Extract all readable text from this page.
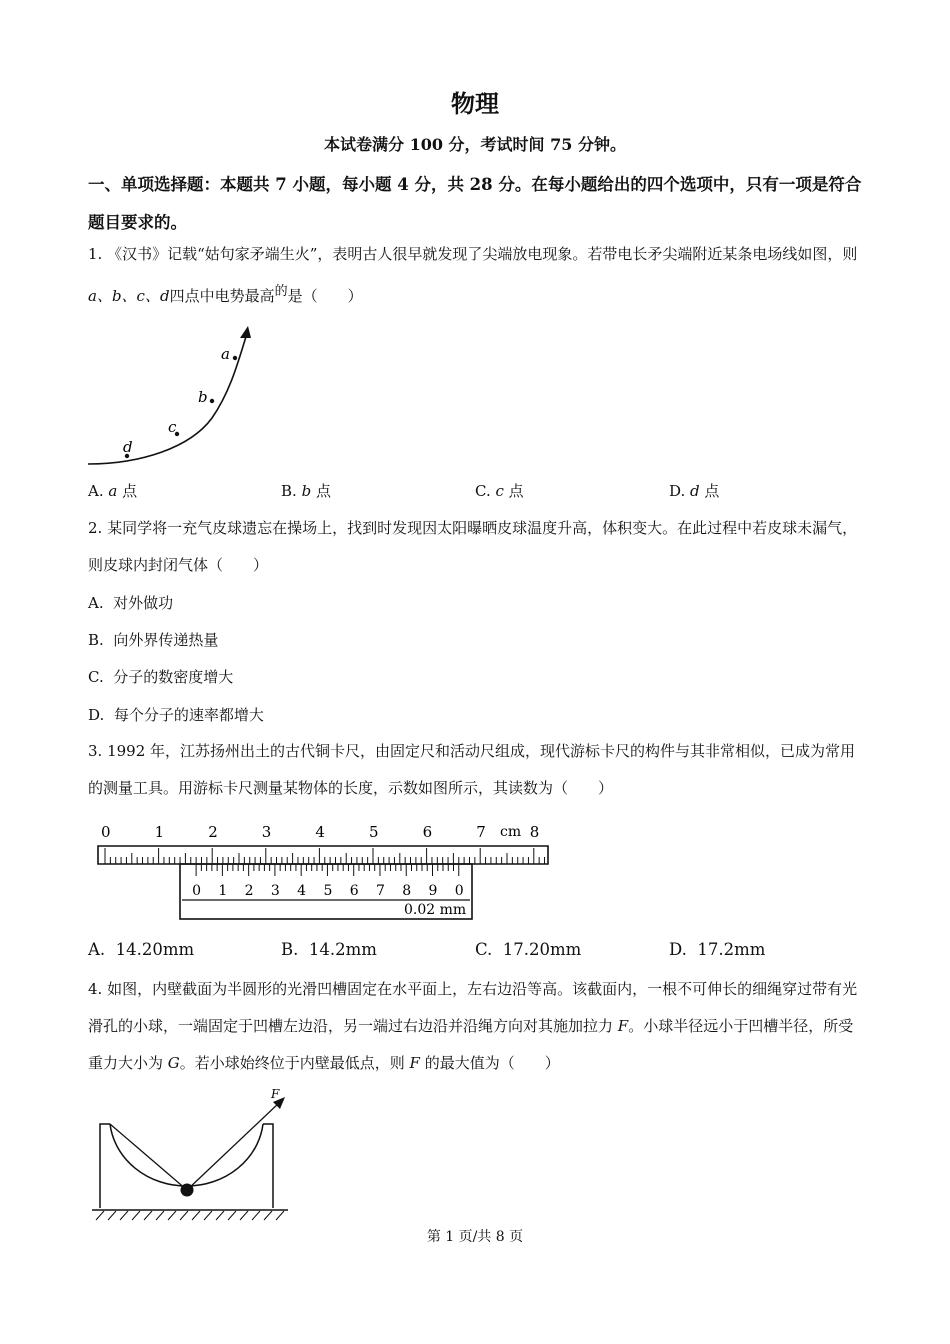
物理
本试卷满分 100 分，考试时间 75 分钟。
一、单项选择题：本题共 7 小题，每小题 4 分，共 28 分。在每小题给出的四个选项中，只有一项是符合题目要求的。
1. 《汉书》记载“姑句家矛端生火”，表明古人很早就发现了尖端放电现象。若带电长矛尖端附近某条电场线如图，则a、b、c、d四点中电势最高$^的$是（　　）
a
b
c
d
A. a 点	B. b 点	C. c 点	D. d 点
2. 某同学将一充气皮球遗忘在操场上，找到时发现因太阳曝晒皮球温度升高，体积变大。在此过程中若皮球未漏气，则皮球内封闭气体（　　）
A. 对外做功
B. 向外界传递热量
C. 分子的数密度增大
D. 每个分子的速率都增大
3. 1992 年，江苏扬州出土的古代铜卡尺，由固定尺和活动尺组成，现代游标卡尺的构件与其非常相似，已成为常用的测量工具。用游标卡尺测量某物体的长度，示数如图所示，其读数为（　　）
0	1	2	3	4	5	6	7	8
0 1 2 3 4 5 6 7 8 9 0
cm
0.02 mm
A. 14.20mm	B. 14.2mm	C. 17.20mm	D. 17.2mm
4. 如图，内壁截面为半圆形的光滑凹槽固定在水平面上，左右边沿等高。该截面内，一根不可伸长的细绳穿过带有光滑孔的小球，一端固定于凹槽左边沿，另一端过右边沿并沿绳方向对其施加拉力 F。小球半径远小于凹槽半径，所受重力大小为 G。若小球始终位于内壁最低点，则 F 的最大值为（　　）
F
第 1 页/共 8 页
